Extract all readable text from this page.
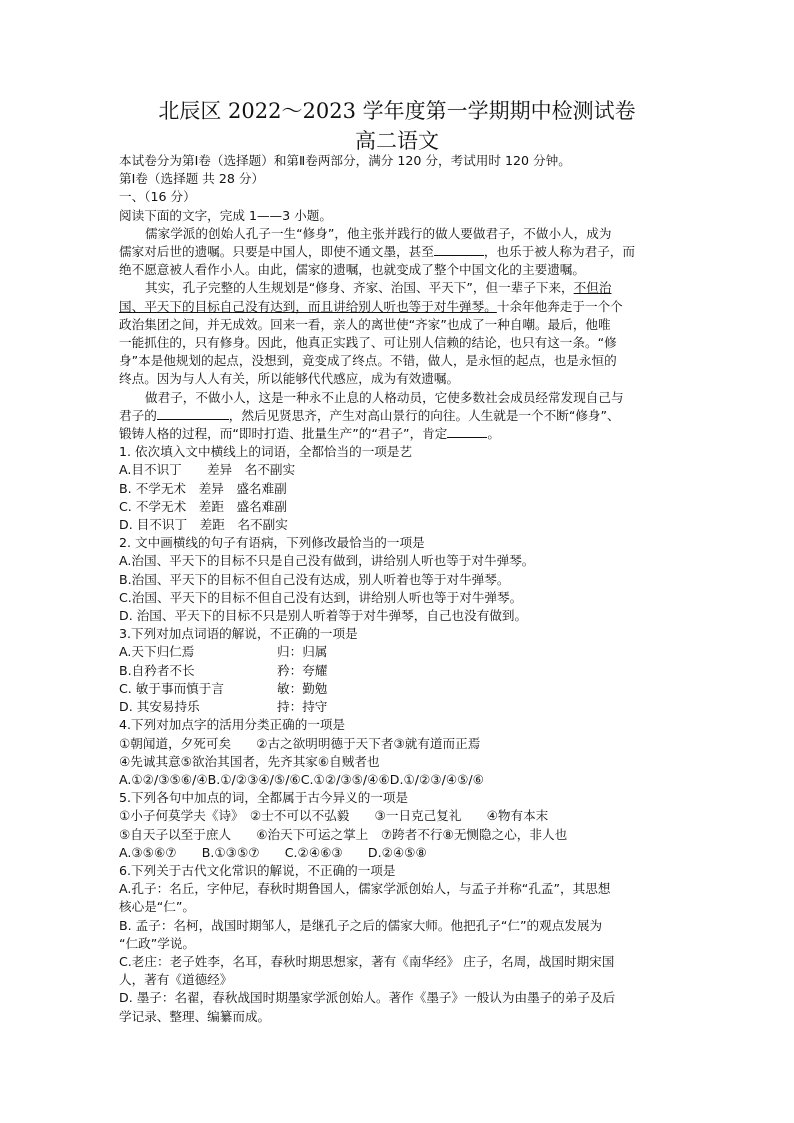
北辰区 2022～2023 学年度第一学期期中检测试卷
高二语文

本试卷分为第Ⅰ卷（选择题）和第Ⅱ卷两部分，满分 120 分，考试用时 120 分钟。

第Ⅰ卷（选择题 共 28 分）

一、（16 分）

阅读下面的文字，完成 1——3 小题。

儒家学派的创始人孔子一生“修身”，他主张并践行的做人要做君子，不做小人，成为

儒家对后世的遗嘱。只要是中国人，即使不通文墨，甚至	，也乐于被人称为君子，而

绝不愿意被人看作小人。由此，儒家的遗嘱，也就变成了整个中国文化的主要遗嘱。

其实，孔子完整的人生规划是“修身、齐家、治国、平天下”，但一辈子下来，不但治

国、平天下的目标自己没有达到，而且讲给别人听也等于对牛弹琴。十余年他奔走于一个个

政治集团之间，并无成效。回来一看，亲人的离世使“齐家”也成了一种自嘲。最后，他唯

一能抓住的，只有修身。因此，他真正实践了、可让别人信赖的结论，也只有这一条。“修

身”本是他规划的起点，没想到，竟变成了终点。不错，做人，是永恒的起点，也是永恒的

终点。因为与人人有关，所以能够代代感应，成为有效遗嘱。

做君子，不做小人，这是一种永不止息的人格动员，它使多数社会成员经常发现自己与

君子的	，然后见贤思齐，产生对高山景行的向往。人生就是一个不断“修身”、

锻铸人格的过程，而“即时打造、批量生产”的“君子”，肯定	。

1. 依次填入文中横线上的词语，全都恰当的一项是艺

A.目不识丁　　差异　名不副实

B. 不学无术　差异　盛名难副

C. 不学无术　差距　盛名难副

D. 目不识丁　差距　名不副实

2. 文中画横线的句子有语病，下列修改最恰当的一项是

A.治国、平天下的目标不只是自己没有做到，讲给别人听也等于对牛弹琴。

B.治国、平天下的目标不但自己没有达成，别人听着也等于对牛弹琴。

C.治国、平天下的目标不但自己没有达到，讲给别人听也等于对牛弹琴。

D. 治国、平天下的目标不只是别人听着等于对牛弹琴，自己也没有做到。

3.下列对加点词语的解说，不正确的一项是

A.天下归仁焉	归：归属

B.自矜者不长	矜：夸耀

C. 敏于事而慎于言	敏：勤勉

D. 其安易持乐	持：持守

4.下列对加点字的活用分类正确的一项是

①朝闻道，夕死可矣　　②古之欲明明德于天下者③就有道而正焉

④先诚其意⑤欲治其国者，先齐其家⑥自贼者也

A.①②/③⑤⑥/④B.①/②③④/⑤/⑥C.①②/③⑤/④⑥D.①/②③/④⑤/⑥

5.下列各句中加点的词，全都属于古今异义的一项是

①小子何莫学夫《诗》　②士不可以不弘毅　　③一日克己复礼　　④物有本末

⑤自天子以至于庶人　　⑥治天下可运之掌上　⑦跨者不行⑧无恻隐之心，非人也

A.③⑤⑥⑦　　B.①③⑤⑦　　C.②④⑥③　　D.②④⑤⑧

6.下列关于古代文化常识的解说，不正确的一项是

A.孔子：名丘，字仲尼，春秋时期鲁国人，儒家学派创始人，与孟子并称“孔孟”，其思想

核心是“仁”。

B. 孟子：名柯，战国时期邹人，是继孔子之后的儒家大师。他把孔子“仁”的观点发展为

“仁政”学说。

C.老庄：老子姓李，名耳，春秋时期思想家，著有《南华经》 庄子，名周，战国时期宋国

人，著有《道德经》

D. 墨子：名翟，春秋战国时期墨家学派创始人。著作《墨子》一般认为由墨子的弟子及后

学记录、整理、编纂而成。
